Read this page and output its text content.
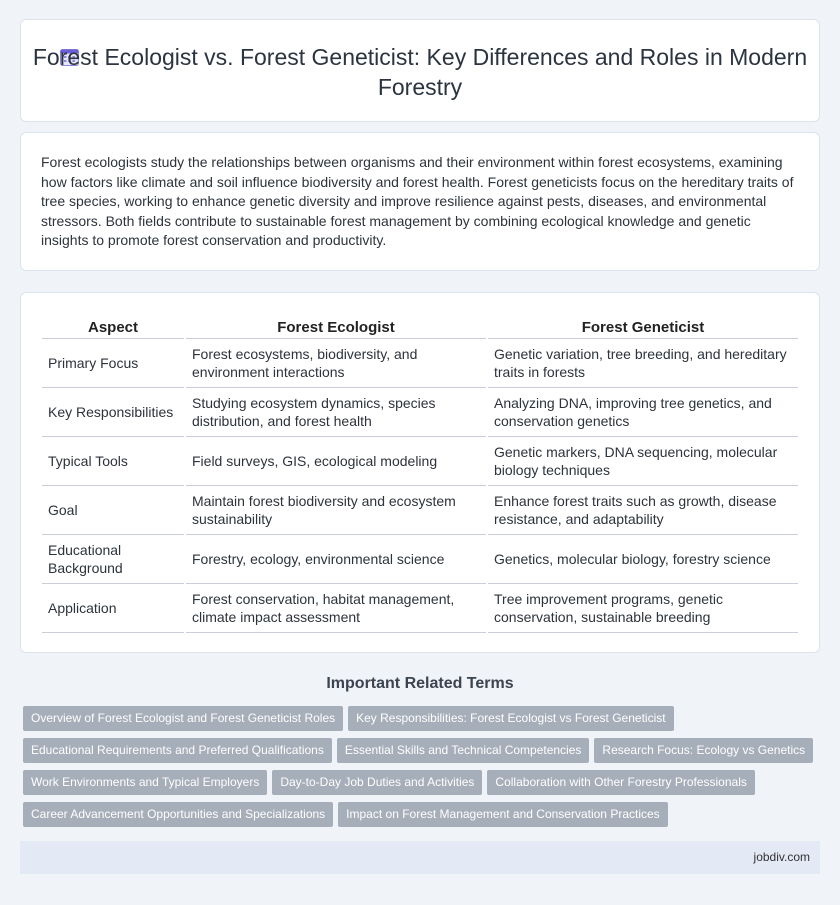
Forest Ecologist vs. Forest Geneticist: Key Differences and Roles in Modern Forestry

Forest ecologists study the relationships between organisms and their environment within forest ecosystems, examining how factors like climate and soil influence biodiversity and forest health. Forest geneticists focus on the hereditary traits of tree species, working to enhance genetic diversity and improve resilience against pests, diseases, and environmental stressors. Both fields contribute to sustainable forest management by combining ecological knowledge and genetic insights to promote forest conservation and productivity.

Aspect	Forest Ecologist	Forest Geneticist
Primary Focus	Forest ecosystems, biodiversity, and environment interactions	Genetic variation, tree breeding, and hereditary traits in forests
Key Responsibilities	Studying ecosystem dynamics, species distribution, and forest health	Analyzing DNA, improving tree genetics, and conservation genetics
Typical Tools	Field surveys, GIS, ecological modeling	Genetic markers, DNA sequencing, molecular biology techniques
Goal	Maintain forest biodiversity and ecosystem sustainability	Enhance forest traits such as growth, disease resistance, and adaptability
Educational Background	Forestry, ecology, environmental science	Genetics, molecular biology, forestry science
Application	Forest conservation, habitat management, climate impact assessment	Tree improvement programs, genetic conservation, sustainable breeding
Important Related Terms
Overview of Forest Ecologist and Forest Geneticist Roles Key Responsibilities: Forest Ecologist vs Forest Geneticist
Educational Requirements and Preferred Qualifications Essential Skills and Technical Competencies Research Focus: Ecology vs Genetics
Work Environments and Typical Employers Day-to-Day Job Duties and Activities Collaboration with Other Forestry Professionals
Career Advancement Opportunities and Specializations Impact on Forest Management and Conservation Practices
jobdiv.com
